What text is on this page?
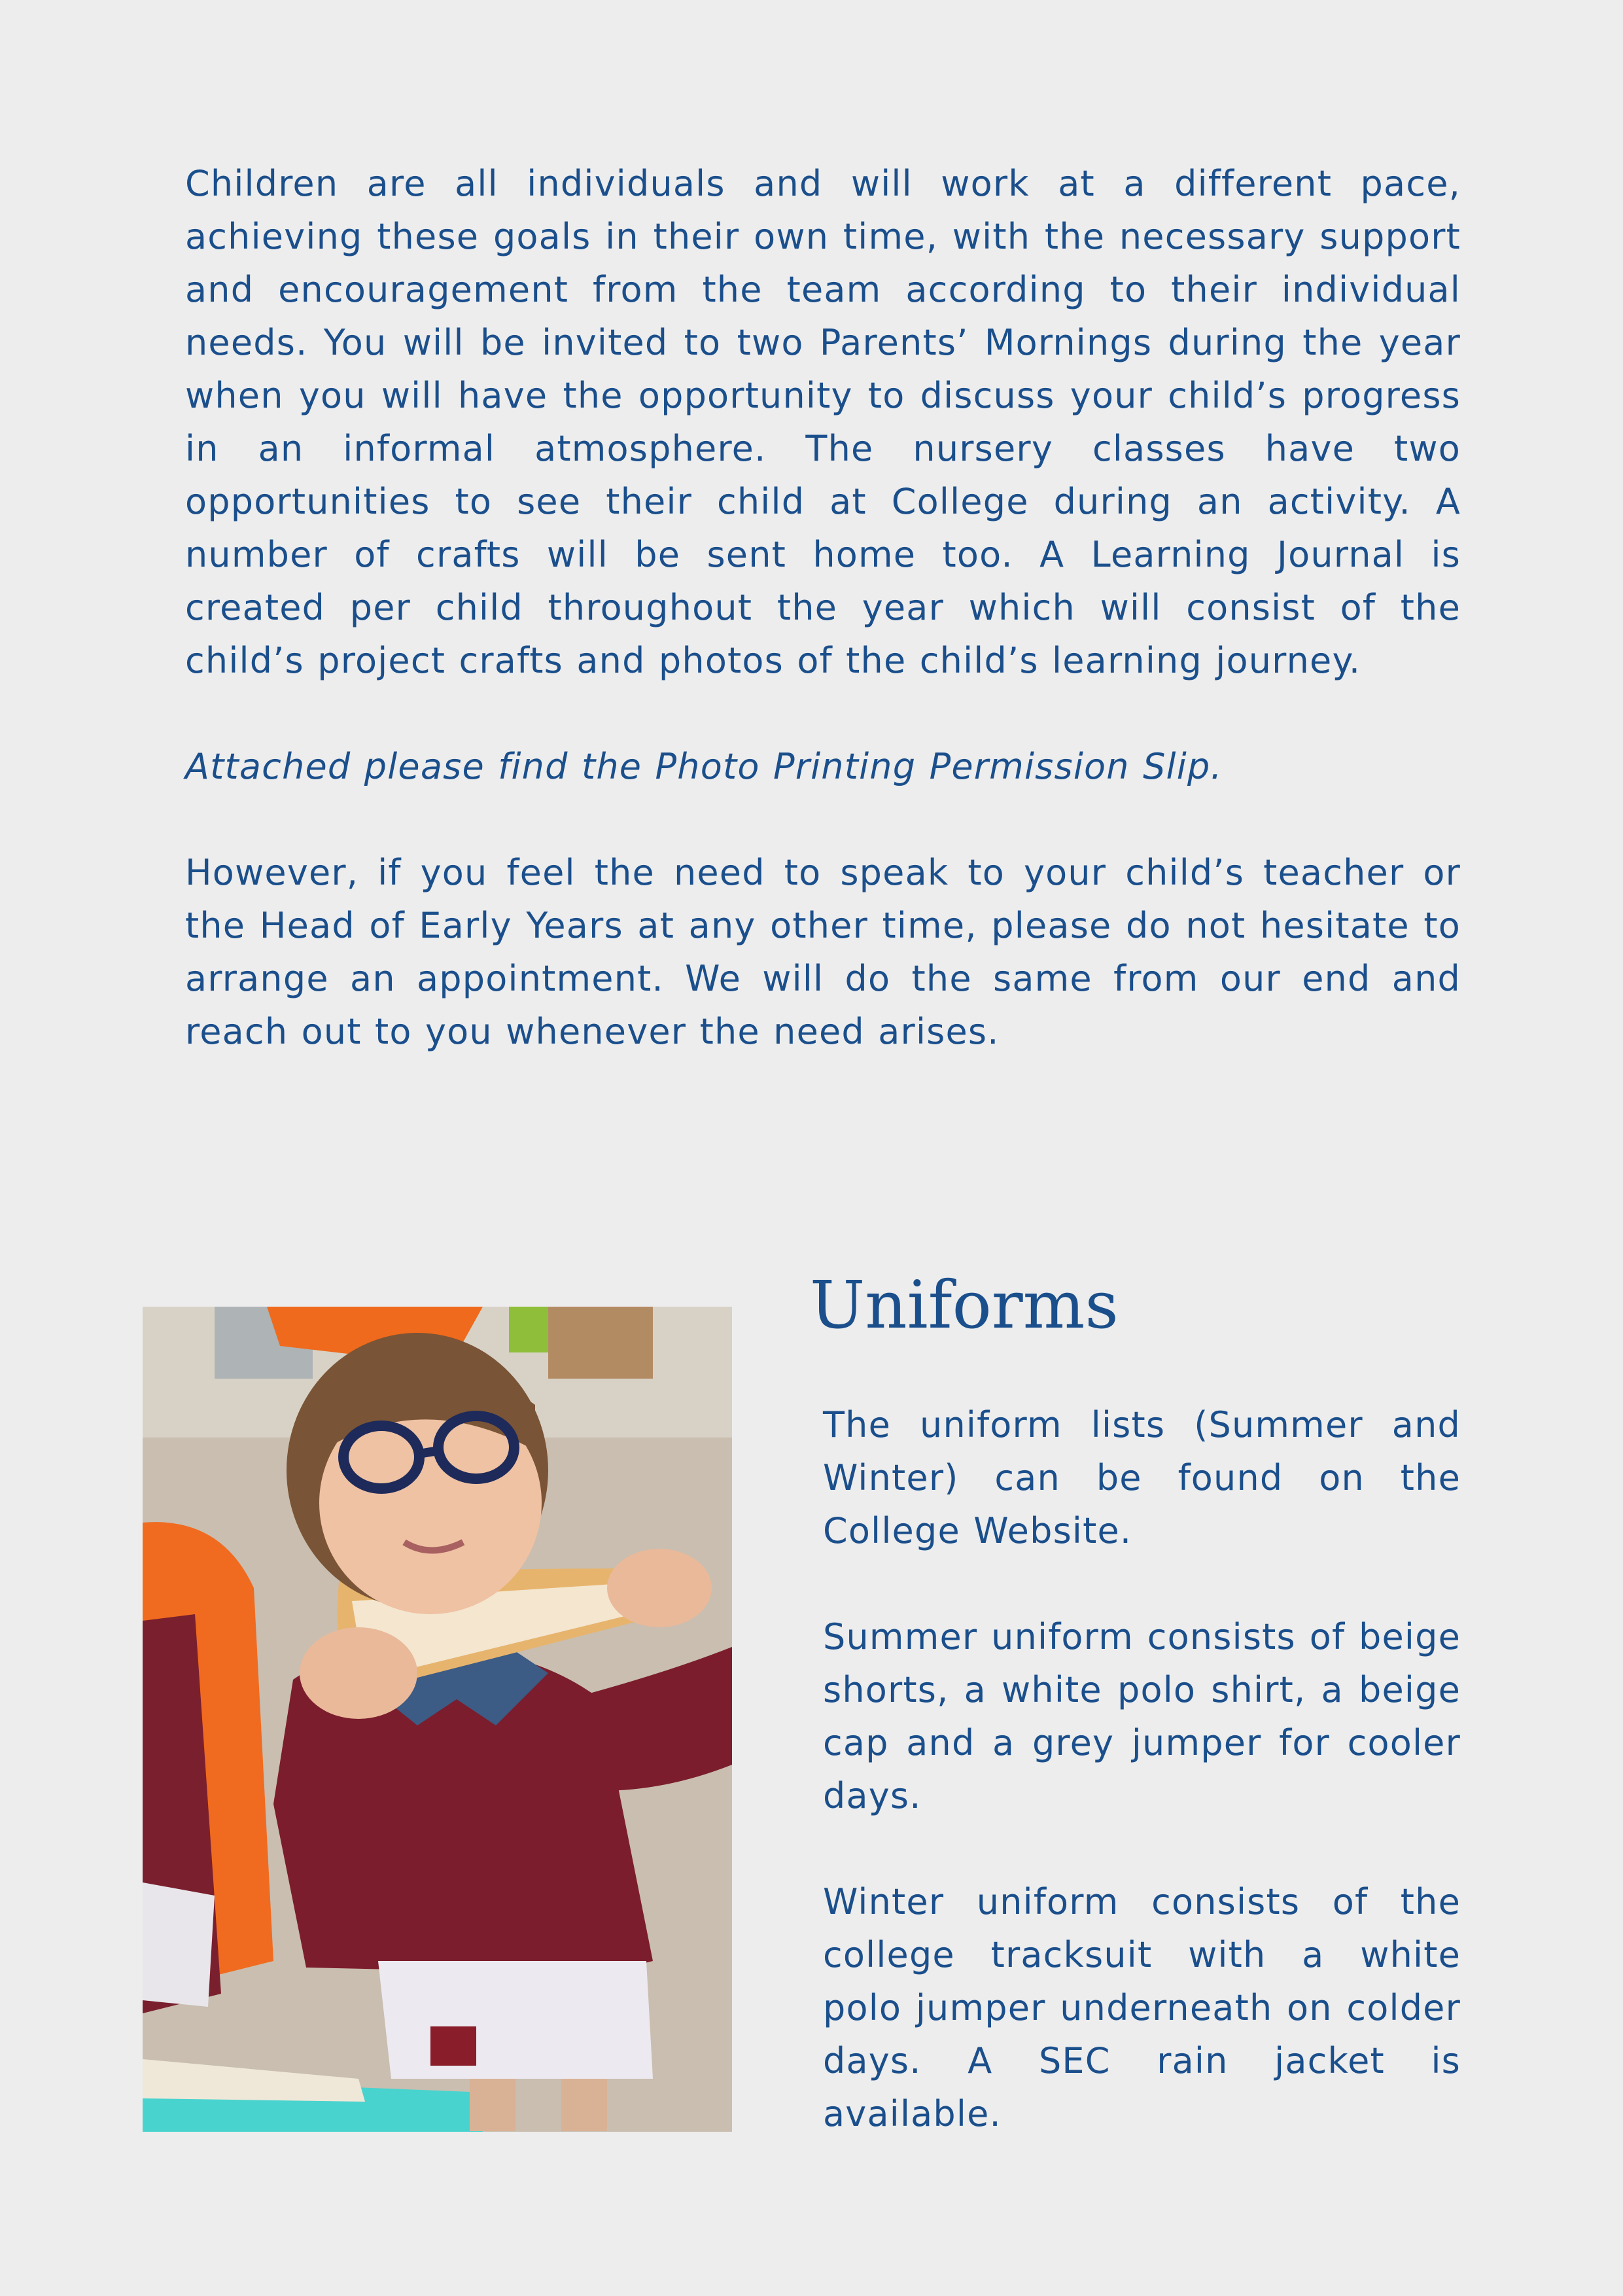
Children are all individuals and will work at a different pace, achieving these goals in their own time, with the necessary support and encouragement from the team according to their individual needs. You will be invited to two Parents’ Mornings during the year when you will have the opportunity to discuss your child’s progress in an informal atmosphere. The nursery classes have two opportunities to see their child at College during an activity. A number of crafts will be sent home too. A Learning Journal is created per child throughout the year which will consist of the child’s project crafts and photos of the child’s learning journey.

Attached please find the Photo Printing Permission Slip.

However, if you feel the need to speak to your child’s teacher or the Head of Early Years at any other time, please do not hesitate to arrange an appointment. We will do the same from our end and reach out to you whenever the need arises.

Uniforms

The uniform lists (Summer and Winter) can be found on the College Website.

Summer uniform consists of beige shorts, a white polo shirt, a beige cap and a grey jumper for cooler days.

Winter uniform consists of the college tracksuit with a white polo jumper underneath on colder days. A SEC rain jacket is available.
